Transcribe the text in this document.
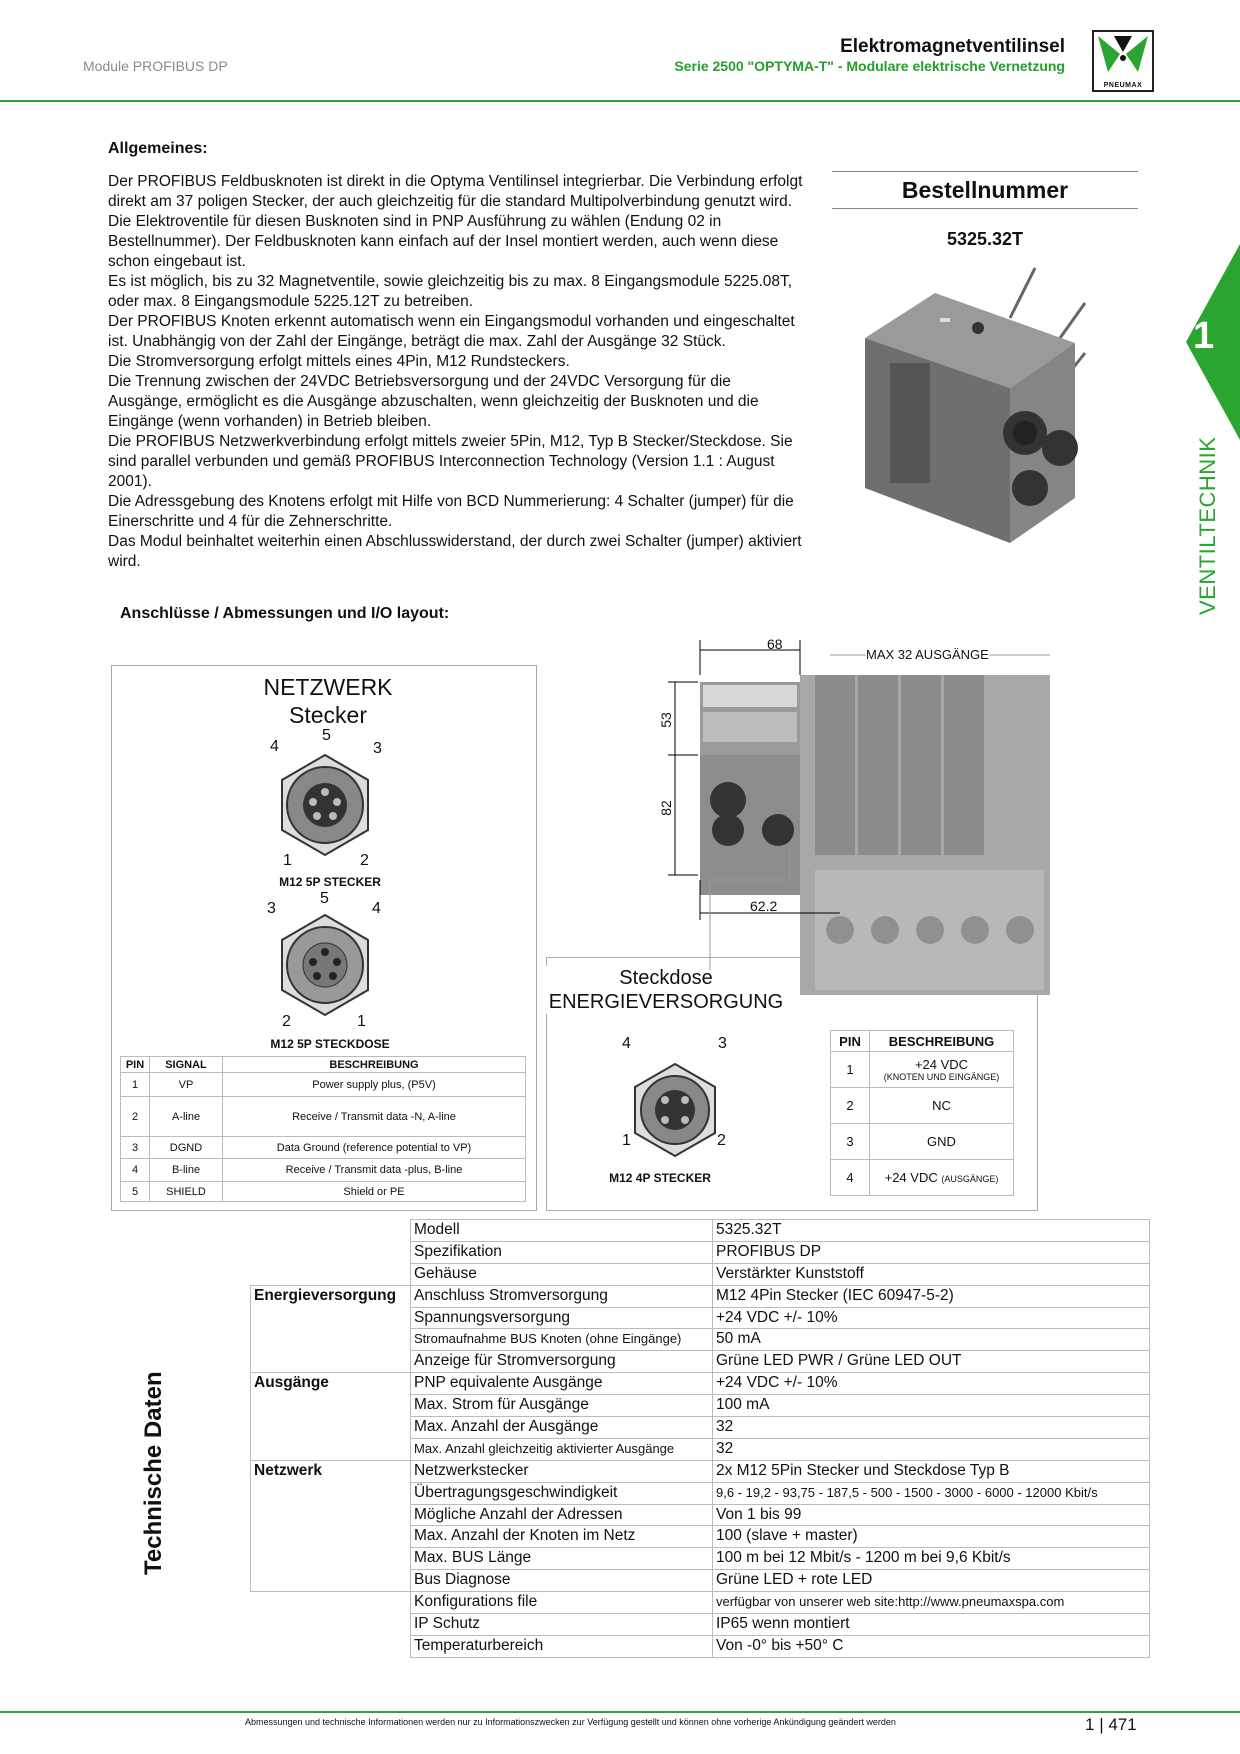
Module PROFIBUS DP
Elektromagnetventilinsel
Serie 2500 "OPTYMA-T" - Modulare elektrische Vernetzung
PNEUMAX
1
VENTILTECHNIK
Allgemeines:

Der PROFIBUS Feldbusknoten ist direkt in die Optyma Ventilinsel integrierbar. Die Verbindung erfolgt direkt am 37 poligen Stecker, der auch gleichzeitig für die standard Multipolverbindung genutzt wird. Die Elektroventile für diesen Busknoten sind in PNP Ausführung zu wählen (Endung 02 in Bestellnummer). Der Feldbusknoten kann einfach auf der Insel montiert werden, auch wenn diese schon eingebaut ist.

Es ist möglich, bis zu 32 Magnetventile, sowie gleichzeitig bis zu max. 8 Eingangsmodule 5225.08T, oder max. 8 Eingangsmodule 5225.12T zu betreiben.

Der PROFIBUS Knoten erkennt automatisch wenn ein Eingangsmodul vorhanden und eingeschaltet ist. Unabhängig von der Zahl der Eingänge, beträgt die max. Zahl der Ausgänge 32 Stück.

Die Stromversorgung erfolgt mittels eines 4Pin, M12 Rundsteckers.

Die Trennung zwischen der 24VDC Betriebsversorgung und der 24VDC Versorgung für die Ausgänge, ermöglicht es die Ausgänge abzuschalten, wenn gleichzeitig der Busknoten und die Eingänge (wenn vorhanden) in Betrieb bleiben.

Die PROFIBUS Netzwerkverbindung erfolgt mittels zweier 5Pin, M12, Typ B Stecker/Steckdose. Sie sind parallel verbunden und gemäß PROFIBUS Interconnection Technology (Version 1.1 : August 2001).

Die Adressgebung des Knotens erfolgt mit Hilfe von BCD Nummerierung: 4 Schalter (jumper) für die Einerschritte und 4 für die Zehnerschritte.

Das Modul beinhaltet weiterhin einen Abschlusswiderstand, der durch zwei Schalter (jumper) aktiviert wird.

Bestellnummer
5325.32T
Anschlüsse / Abmessungen und I/O layout:
NETZWERK
Stecker
4
5
3
1	2
M12 5P STECKER
3
5
4
2	1
M12 5P STECKDOSE
PIN	SIGNAL	BESCHREIBUNG
1	VP	Power supply plus, (P5V)
2	A-line	Receive / Transmit data -N, A-line
3	DGND	Data Ground (reference potential to VP)
4	B-line	Receive / Transmit data -plus, B-line
5	SHIELD	Shield or PE
Steckdose
ENERGIEVERSORGUNG
4	3
1	2
M12 4P STECKER
PIN	BESCHREIBUNG
1	+24 VDC
(KNOTEN UND EINGÄNGE)

2	NC
3	GND
4	+24 VDC (AUSGÄNGE)
68
53
82
62.2
MAX 32 AUSGÄNGE
Technische Daten
	Modell	5325.32T
	Spezifikation	PROFIBUS DP
	Gehäuse	Verstärkter Kunststoff
Energieversorgung	Anschluss Stromversorgung	M12 4Pin Stecker (IEC 60947-5-2)
	Spannungsversorgung	+24 VDC +/- 10%
	Stromaufnahme BUS Knoten (ohne Eingänge)	50 mA
	Anzeige für Stromversorgung	Grüne LED PWR / Grüne LED OUT
Ausgänge	PNP equivalente Ausgänge	+24 VDC +/- 10%
	Max. Strom für Ausgänge	100 mA
	Max. Anzahl der Ausgänge	32
	Max. Anzahl gleichzeitig aktivierter Ausgänge	32
Netzwerk	Netzwerkstecker	2x M12 5Pin Stecker und Steckdose Typ B
	Übertragungsgeschwindigkeit	9,6 - 19,2 - 93,75 - 187,5 - 500 - 1500 - 3000 - 6000 - 12000 Kbit/s
	Mögliche Anzahl der Adressen	Von 1 bis 99
	Max. Anzahl der Knoten im Netz	100 (slave + master)
	Max. BUS Länge	100 m bei 12 Mbit/s - 1200 m bei 9,6 Kbit/s
	Bus Diagnose	Grüne LED + rote LED
	Konfigurations file	verfügbar von unserer web site:http://www.pneumaxspa.com
	IP Schutz	IP65 wenn montiert
	Temperaturbereich	Von -0° bis +50° C
Abmessungen und technische Informationen werden nur zu Informationszwecken zur Verfügung gestellt und können ohne vorherige Ankündigung geändert werden	1 | 471
